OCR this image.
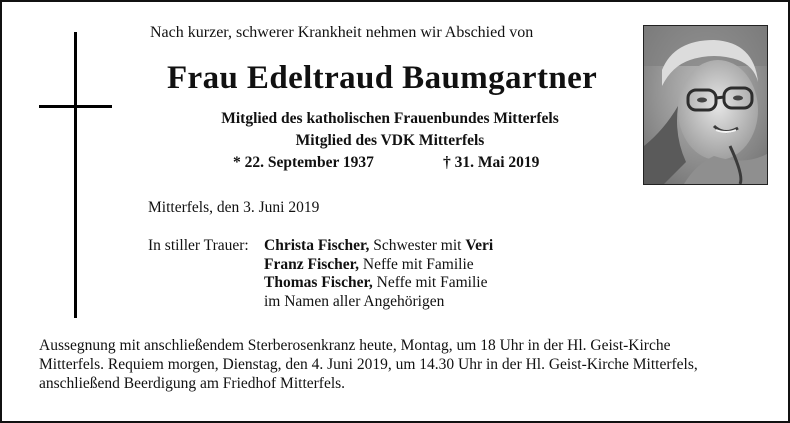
Nach kurzer, schwerer Krankheit nehmen wir Abschied von
Frau Edeltraud Baumgartner
Mitglied des katholischen Frauenbundes Mitterfels
Mitglied des VDK Mitterfels
* 22. September 1937	† 31. Mai 2019
Mitterfels, den 3. Juni 2019
In stiller Trauer: Christa Fischer, Schwester mit Veri
Franz Fischer, Neffe mit Familie
Thomas Fischer, Neffe mit Familie
im Namen aller Angehörigen
Aussegnung mit anschließendem Sterberosenkranz heute, Montag, um 18 Uhr in der Hl. Geist-Kirche
Mitterfels. Requiem morgen, Dienstag, den 4. Juni 2019, um 14.30 Uhr in der Hl. Geist-Kirche Mitterfels,
anschließend Beerdigung am Friedhof Mitterfels.
